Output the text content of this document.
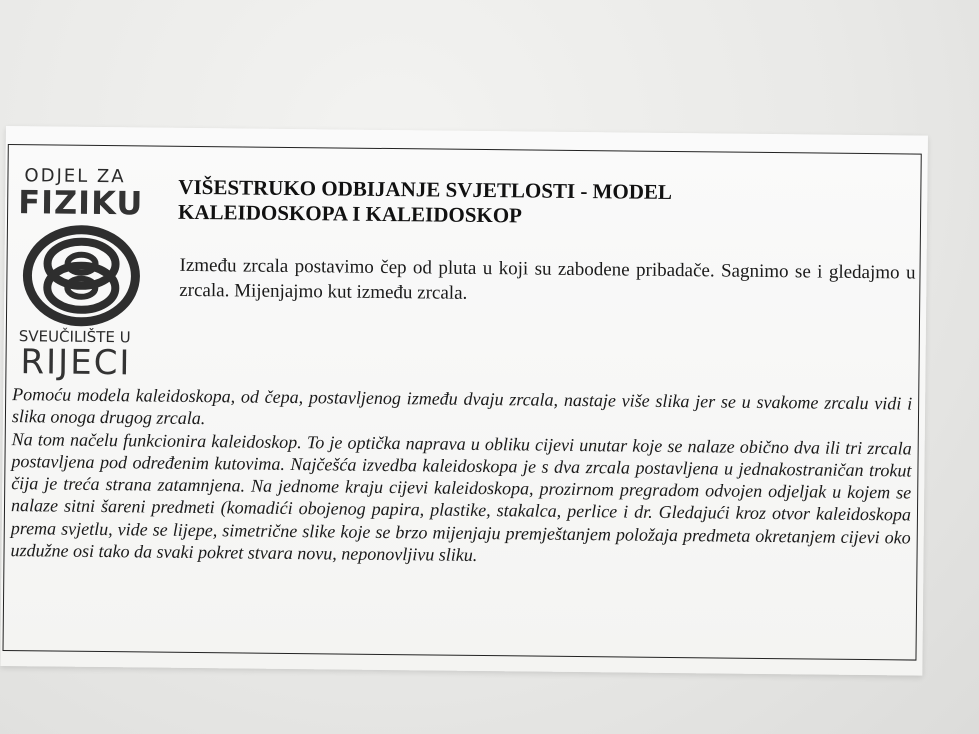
ODJEL ZA
FIZIKU
SVEUČILIŠTE U
RIJECI
VIŠESTRUKO ODBIJANJE SVJETLOSTI - MODEL KALEIDOSKOPA I KALEIDOSKOP
Između zrcala postavimo čep od pluta u koji su zabodene pribadače. Sagnimo se i gledajmo u zrcala. Mijenjajmo kut između zrcala.

Pomoću modela kaleidoskopa, od čepa, postavljenog između dvaju zrcala, nastaje više slika jer se u svakome zrcalu vidi i slika onoga drugog zrcala.

Na tom načelu funkcionira kaleidoskop. To je optička naprava u obliku cijevi unutar koje se nalaze obično dva ili tri zrcala postavljena pod određenim kutovima. Najčešća izvedba kaleidoskopa je s dva zrcala postavljena u jednakostraničan trokut čija je treća strana zatamnjena. Na jednome kraju cijevi kaleidoskopa, prozirnom pregradom odvojen odjeljak u kojem se nalaze sitni šareni predmeti (komadići obojenog papira, plastike, stakalca, perlice i dr. Gledajući kroz otvor kaleidoskopa prema svjetlu, vide se lijepe, simetrične slike koje se brzo mijenjaju premještanjem položaja predmeta okretanjem cijevi oko uzdužne osi tako da svaki pokret stvara novu, neponovljivu sliku.
